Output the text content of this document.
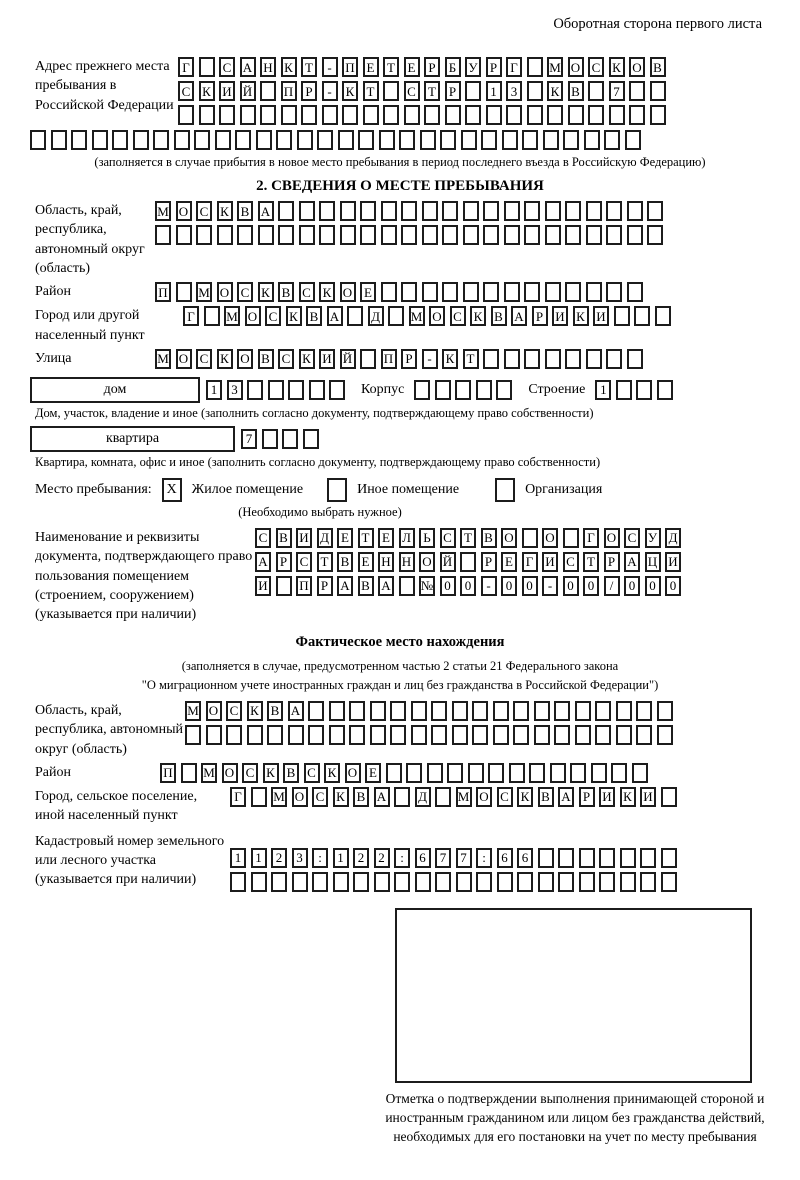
Оборотная сторона первого листа
Адрес прежнего места пребывания в Российской Федерации
Г	С А Н К Т	-	П Е Т Е Р	Б У Р	Г	М О С К О В
С К И Й П Р	-	К Т	С Т Р	1	3	К В	7
(заполняется в случае прибытия в новое место пребывания в период последнего въезда в Российскую Федерацию)
2. СВЕДЕНИЯ О МЕСТЕ ПРЕБЫВАНИЯ
Область, край, республика, автономный округ (область)
М О С К В А
Район	П М О С К В С К О Е
Город или другой населенный пункт
Г	М О С К В А Д М О С К В А Р И К И
Улица	М О С К О В С К И Й П Р	-	К Т
дом	1	3	Корпус	Строение	1
Дом, участок, владение и иное (заполнить согласно документу, подтверждающему право собственности)
квартира	7
Квартира, комната, офис и иное (заполнить согласно документу, подтверждающему право собственности)
Место пребывания:	X	Жилое помещение	Иное помещение	Организация
(Необходимо выбрать нужное)
Наименование и реквизиты документа, подтверждающего право пользования помещением (строением, сооружением) (указывается при наличии)
С В И Д Е Т Е Л Ь С Т В О О	Г О С У Д
А Р С Т В Е Н Н О Й	Р Е Г И С Т Р А Ц И
И П Р А В А № 0	0	-	0	0	-	0	0	/	0	0	0
Фактическое место нахождения
(заполняется в случае, предусмотренном частью 2 статьи 21 Федерального закона
"О миграционном учете иностранных граждан и лиц без гражданства в Российской Федерации")
Область, край, республика, автономный округ (область)
М О С К В А
Район	П М О С К В С К О Е
Город, сельское поселение, иной населенный пункт
Г	М О С К В А Д М О С К В А Р И К И
Кадастровый номер земельного или лесного участка (указывается при наличии)
1	1	2	3	:	1	2	2	:	6	7	7	:	6	6
Отметка о подтверждении выполнения принимающей стороной и иностранным гражданином или лицом без гражданства действий, необходимых для его постановки на учет по месту пребывания
